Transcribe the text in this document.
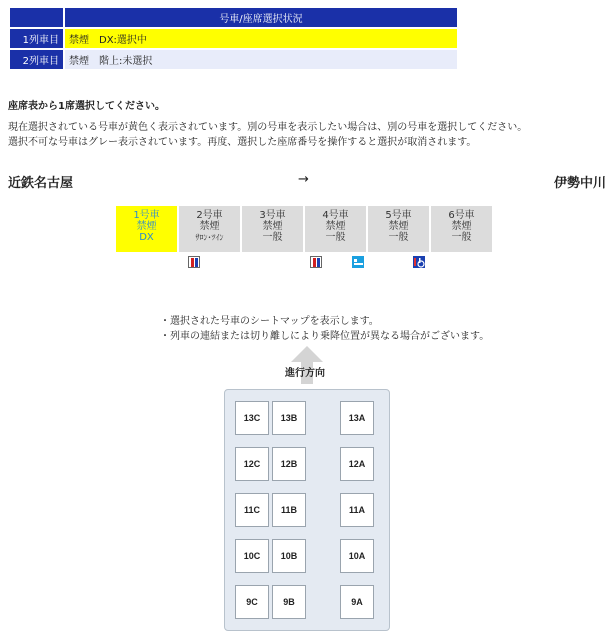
	号車/座席選択状況
1列車目	禁煙　DX:選択中
2列車目	禁煙　階上:未選択
座席表から1席選択してください。
現在選択されている号車が黄色く表示されています。別の号車を表示したい場合は、別の号車を選択してください。
選択不可な号車はグレー表示されています。再度、選択した座席番号を操作すると選択が取消されます。
近鉄名古屋	→	伊勢中川
1号車
禁煙
DX
2号車
禁煙
ｻﾛﾝ･ﾂｲﾝ
3号車
禁煙
一般
4号車
禁煙
一般
5号車
禁煙
一般
6号車
禁煙
一般
・選択された号車のシートマップを表示します。
・列車の連結または切り離しにより乗降位置が異なる場合がございます。
進行方向
13C	13B	13A
12C	12B	12A
11C	11B	11A
10C	10B	10A
9C	9B	9A
